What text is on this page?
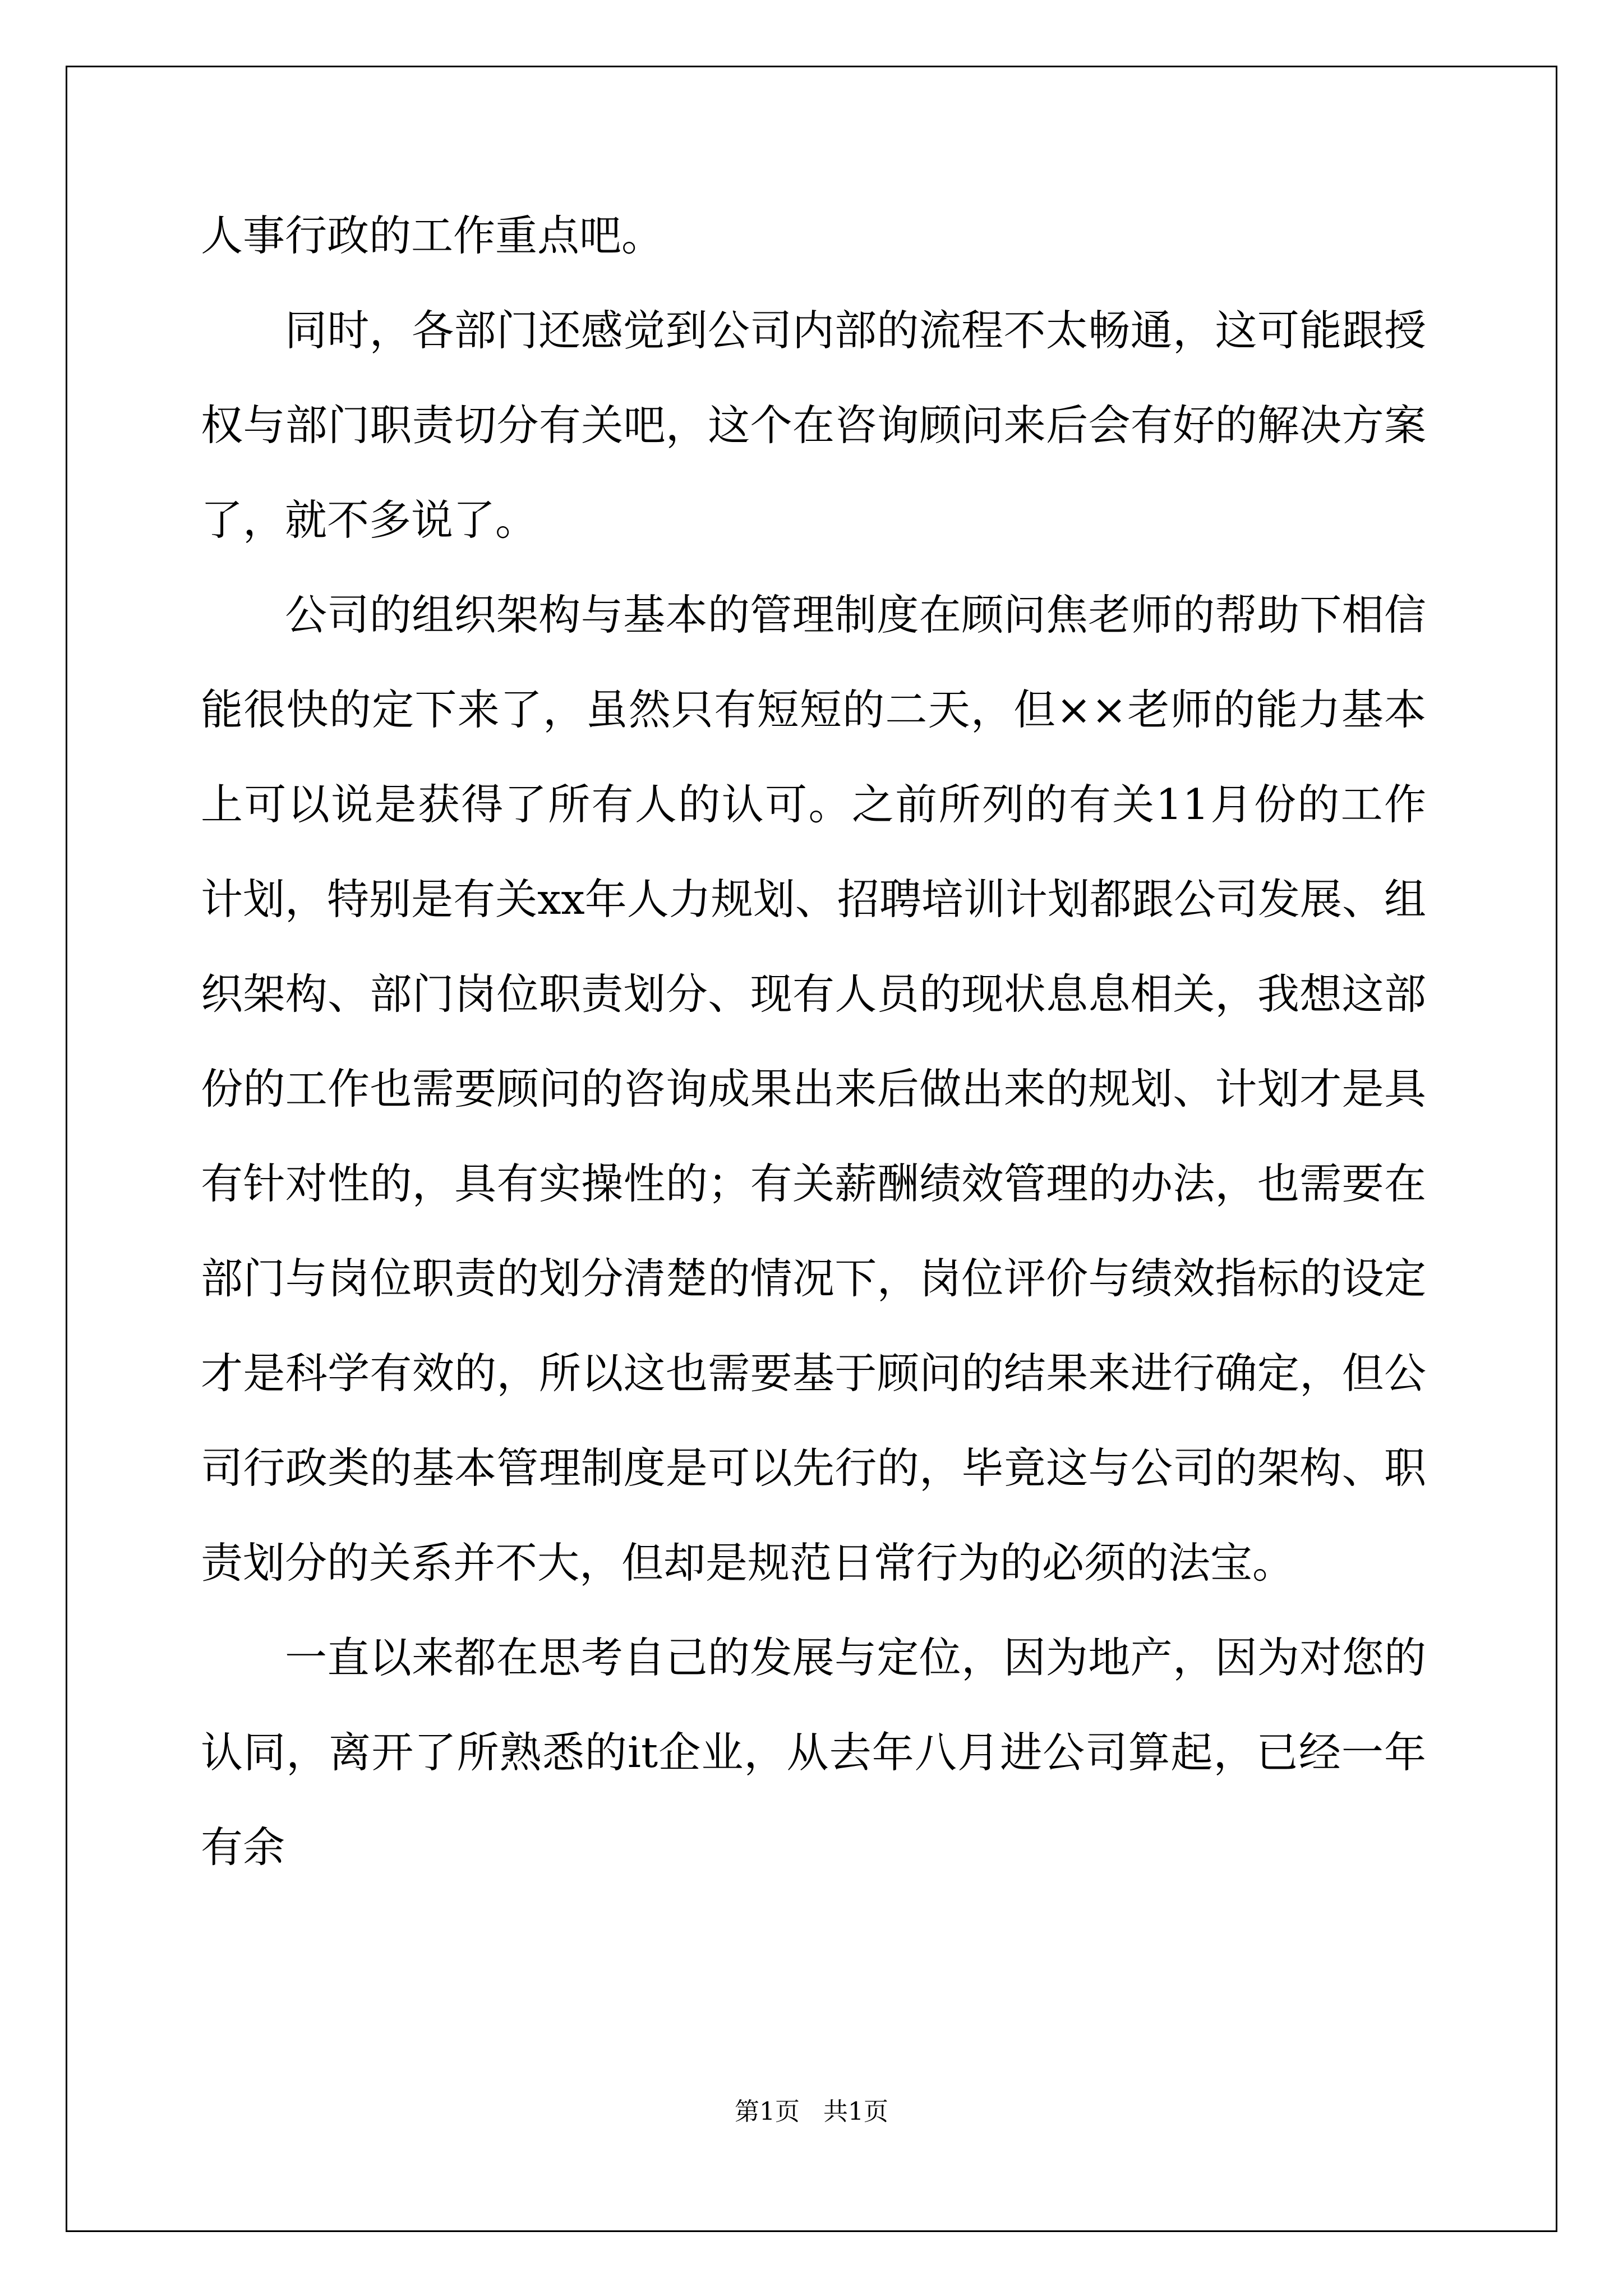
人事行政的工作重点吧。

同时，各部门还感觉到公司内部的流程不太畅通，这可能跟授权与部门职责切分有关吧，这个在咨询顾问来后会有好的解决方案了，就不多说了。

公司的组织架构与基本的管理制度在顾问焦老师的帮助下相信能很快的定下来了，虽然只有短短的二天，但××老师的能力基本上可以说是获得了所有人的认可。之前所列的有关11月份的工作计划，特别是有关xx年人力规划、招聘培训计划都跟公司发展、组织架构、部门岗位职责划分、现有人员的现状息息相关，我想这部份的工作也需要顾问的咨询成果出来后做出来的规划、计划才是具有针对性的，具有实操性的；有关薪酬绩效管理的办法，也需要在部门与岗位职责的划分清楚的情况下，岗位评价与绩效指标的设定才是科学有效的，所以这也需要基于顾问的结果来进行确定，但公司行政类的基本管理制度是可以先行的，毕竟这与公司的架构、职责划分的关系并不大，但却是规范日常行为的必须的法宝。

一直以来都在思考自己的发展与定位，因为地产，因为对您的认同，离开了所熟悉的it企业，从去年八月进公司算起，已经一年有余

第1页   共1页
